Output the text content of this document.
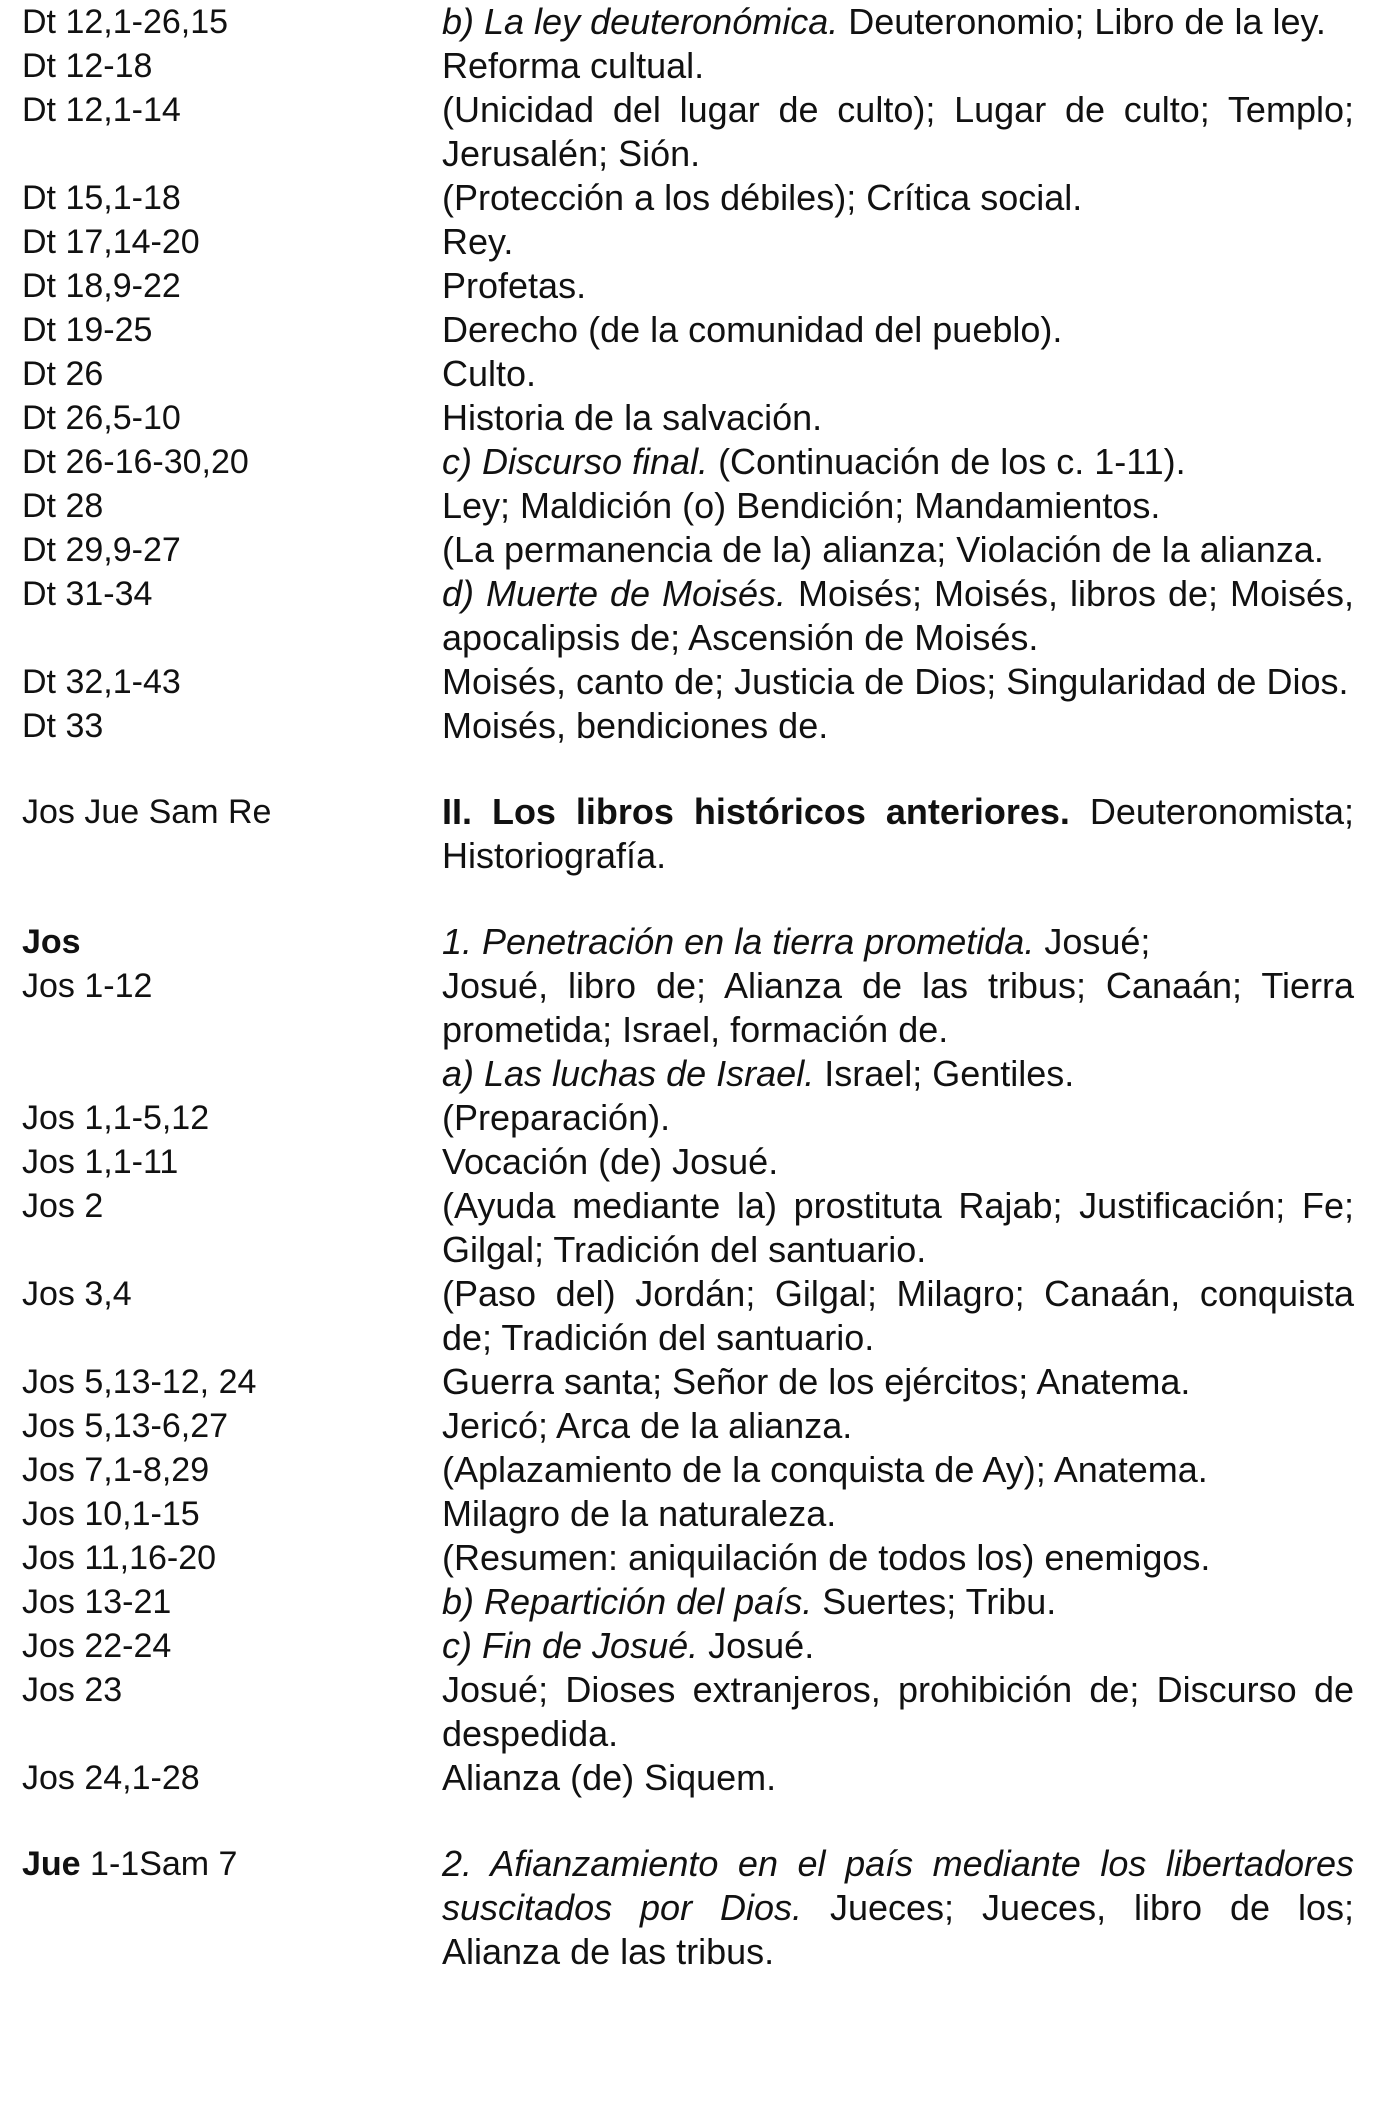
Dt 12,1-26,15	b) La ley deuteronómica. Deuteronomio; Libro de la ley.
Dt 12-18	Reforma cultual.
Dt 12,1-14	(Unicidad del lugar de culto); Lugar de culto; Templo; Jerusalén; Sión.
Dt 15,1-18	(Protección a los débiles); Crítica social.
Dt 17,14-20	Rey.
Dt 18,9-22	Profetas.
Dt 19-25	Derecho (de la comunidad del pueblo).
Dt 26	Culto.
Dt 26,5-10	Historia de la salvación.
Dt 26-16-30,20	c) Discurso final. (Continuación de los c. 1-11).
Dt 28	Ley; Maldición (o) Bendición; Mandamientos.
Dt 29,9-27	(La permanencia de la) alianza; Violación de la alianza.
Dt 31-34	d) Muerte de Moisés. Moisés; Moisés, libros de; Moisés, apocalipsis de; Ascensión de Moisés.
Dt 32,1-43	Moisés, canto de; Justicia de Dios; Singularidad de Dios.
Dt 33	Moisés, bendiciones de.
Jos Jue Sam Re	II. Los libros históricos anteriores. Deuteronomista; Historiografía.
Jos	1. Penetración en la tierra prometida. Josué;
Jos 1-12	Josué, libro de; Alianza de las tribus; Canaán; Tierra prometida; Israel, formación de.
a) Las luchas de Israel. Israel; Gentiles.
Jos 1,1-5,12	(Preparación).
Jos 1,1-11	Vocación (de) Josué.
Jos 2	(Ayuda mediante la) prostituta Rajab; Justificación; Fe; Gilgal; Tradición del santuario.
Jos 3,4	(Paso del) Jordán; Gilgal; Milagro; Canaán, conquista de; Tradición del santuario.
Jos 5,13-12, 24	Guerra santa; Señor de los ejércitos; Anatema.
Jos 5,13-6,27	Jericó; Arca de la alianza.
Jos 7,1-8,29	(Aplazamiento de la conquista de Ay); Anatema.
Jos 10,1-15	Milagro de la naturaleza.
Jos 11,16-20	(Resumen: aniquilación de todos los) enemigos.
Jos 13-21	b) Repartición del país. Suertes; Tribu.
Jos 22-24	c) Fin de Josué. Josué.
Jos 23	Josué; Dioses extranjeros, prohibición de; Discurso de despedida.
Jos 24,1-28	Alianza (de) Siquem.
Jue 1-1Sam 7	2. Afianzamiento en el país mediante los libertadores suscitados por Dios. Jueces; Jueces, libro de los; Alianza de las tribus.
